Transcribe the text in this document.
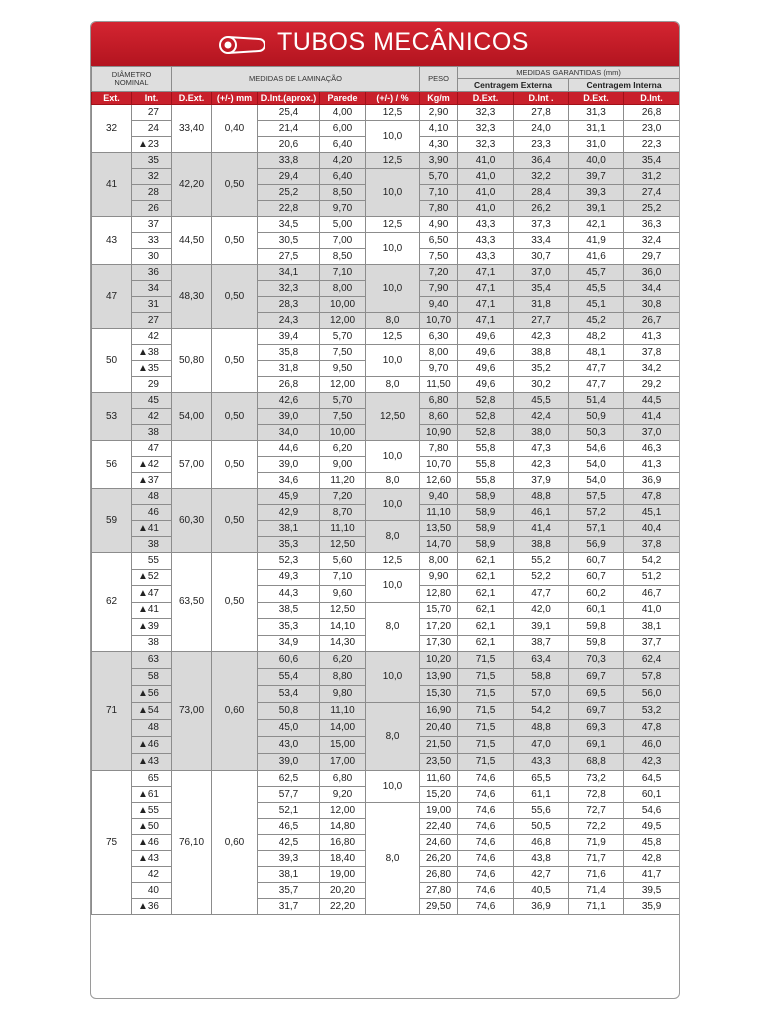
TUBOS MECÂNICOS
DIÂMETRO
NOMINAL		MEDIDAS DE LAMINAÇÃO					PESO	MEDIDAS GARANTIDAS (mm)			
								Centragem Externa		Centragem Interna	
Ext.	Int.	D.Ext.	(+/-) mm	D.Int.(aprox.)	Parede	(+/-) / %	Kg/m	D.Ext.	D.Int .	D.Ext.	D.Int.
32	27	33,40	0,40	25,4	4,00	12,5	2,90	32,3	27,8	31,3	26,8
	24			21,4	6,00	10,0	4,10	32,3	24,0	31,1	23,0
	▲23			20,6	6,40		4,30	32,3	23,3	31,0	22,3
41	35	42,20	0,50	33,8	4,20	12,5	3,90	41,0	36,4	40,0	35,4
	32			29,4	6,40	10,0	5,70	41,0	32,2	39,7	31,2
	28			25,2	8,50		7,10	41,0	28,4	39,3	27,4
	26			22,8	9,70		7,80	41,0	26,2	39,1	25,2
43	37	44,50	0,50	34,5	5,00	12,5	4,90	43,3	37,3	42,1	36,3
	33			30,5	7,00	10,0	6,50	43,3	33,4	41,9	32,4
	30			27,5	8,50		7,50	43,3	30,7	41,6	29,7
47	36	48,30	0,50	34,1	7,10	10,0	7,20	47,1	37,0	45,7	36,0
	34			32,3	8,00		7,90	47,1	35,4	45,5	34,4
	31			28,3	10,00		9,40	47,1	31,8	45,1	30,8
	27			24,3	12,00	8,0	10,70	47,1	27,7	45,2	26,7
50	42	50,80	0,50	39,4	5,70	12,5	6,30	49,6	42,3	48,2	41,3
	▲38			35,8	7,50	10,0	8,00	49,6	38,8	48,1	37,8
	▲35			31,8	9,50		9,70	49,6	35,2	47,7	34,2
	29			26,8	12,00	8,0	11,50	49,6	30,2	47,7	29,2
53	45	54,00	0,50	42,6	5,70	12,50	6,80	52,8	45,5	51,4	44,5
	42			39,0	7,50		8,60	52,8	42,4	50,9	41,4
	38			34,0	10,00		10,90	52,8	38,0	50,3	37,0
56	47	57,00	0,50	44,6	6,20	10,0	7,80	55,8	47,3	54,6	46,3
	▲42			39,0	9,00		10,70	55,8	42,3	54,0	41,3
	▲37			34,6	11,20	8,0	12,60	55,8	37,9	54,0	36,9
59	48	60,30	0,50	45,9	7,20	10,0	9,40	58,9	48,8	57,5	47,8
	46			42,9	8,70		11,10	58,9	46,1	57,2	45,1
	▲41			38,1	11,10	8,0	13,50	58,9	41,4	57,1	40,4
	38			35,3	12,50		14,70	58,9	38,8	56,9	37,8
62	55	63,50	0,50	52,3	5,60	12,5	8,00	62,1	55,2	60,7	54,2
	▲52			49,3	7,10	10,0	9,90	62,1	52,2	60,7	51,2
	▲47			44,3	9,60		12,80	62,1	47,7	60,2	46,7
	▲41			38,5	12,50	8,0	15,70	62,1	42,0	60,1	41,0
	▲39			35,3	14,10		17,20	62,1	39,1	59,8	38,1
	38			34,9	14,30		17,30	62,1	38,7	59,8	37,7
71	63	73,00	0,60	60,6	6,20	10,0	10,20	71,5	63,4	70,3	62,4
	58			55,4	8,80		13,90	71,5	58,8	69,7	57,8
	▲56			53,4	9,80		15,30	71,5	57,0	69,5	56,0
	▲54			50,8	11,10	8,0	16,90	71,5	54,2	69,7	53,2
	48			45,0	14,00		20,40	71,5	48,8	69,3	47,8
	▲46			43,0	15,00		21,50	71,5	47,0	69,1	46,0
	▲43			39,0	17,00		23,50	71,5	43,3	68,8	42,3
75	65	76,10	0,60	62,5	6,80	10,0	11,60	74,6	65,5	73,2	64,5
	▲61			57,7	9,20		15,20	74,6	61,1	72,8	60,1
	▲55			52,1	12,00	8,0	19,00	74,6	55,6	72,7	54,6
	▲50			46,5	14,80		22,40	74,6	50,5	72,2	49,5
	▲46			42,5	16,80		24,60	74,6	46,8	71,9	45,8
	▲43			39,3	18,40		26,20	74,6	43,8	71,7	42,8
	42			38,1	19,00		26,80	74,6	42,7	71,6	41,7
	40			35,7	20,20		27,80	74,6	40,5	71,4	39,5
	▲36			31,7	22,20		29,50	74,6	36,9	71,1	35,9
